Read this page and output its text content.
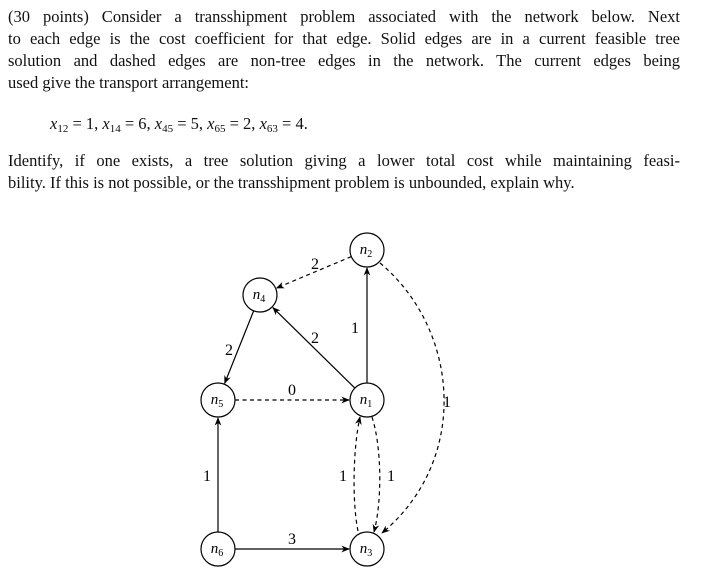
(30 points) Consider a transshipment problem associated with the network below. Next
to each edge is the cost coefficient for that edge. Solid edges are in a current feasible tree
solution and dashed edges are non-tree edges in the network. The current edges being
used give the transport arrangement:
$x_{12} = 1$, $x_{14} = 6$, $x_{45} = 5$, $x_{65} = 2$, $x_{63} = 4$.
Identify, if one exists, a tree solution giving a lower total cost while maintaining feasi-
bility. If this is not possible, or the transshipment problem is unbounded, explain why.
2
1
2
2
0
1
3
1	1
1
$n_2$
$n_4$
$n_5$	$n_1$
$n_6$	$n_3$
